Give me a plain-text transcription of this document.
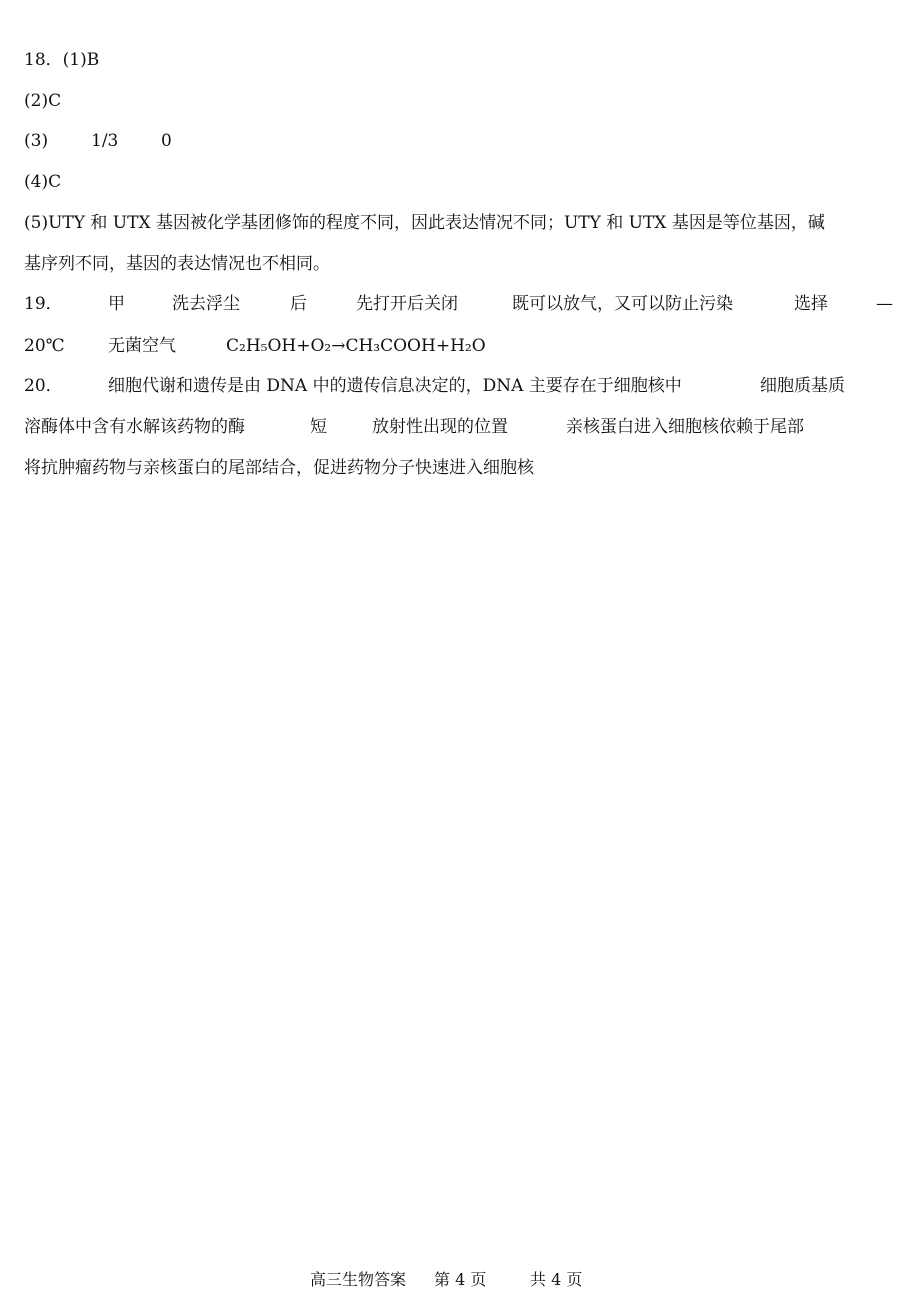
18．(1)B
(2)C
(3)	1/3	0
(4)C
(5)UTY 和 UTX 基因被化学基团修饰的程度不同，因此表达情况不同；UTY 和 UTX 基因是等位基因，碱
基序列不同，基因的表达情况也不相同。
19．	甲	洗去浮尘	后	先打开后关闭	既可以放气，又可以防止污染	选择	—
20℃	无菌空气	C₂H₅OH+O₂→CH₃COOH+H₂O
20．	细胞代谢和遗传是由 DNA 中的遗传信息决定的，DNA 主要存在于细胞核中	细胞质基质
溶酶体中含有水解该药物的酶	短	放射性出现的位置	亲核蛋白进入细胞核依赖于尾部
将抗肿瘤药物与亲核蛋白的尾部结合，促进药物分子快速进入细胞核
高三生物答案 第 4 页	共 4 页
